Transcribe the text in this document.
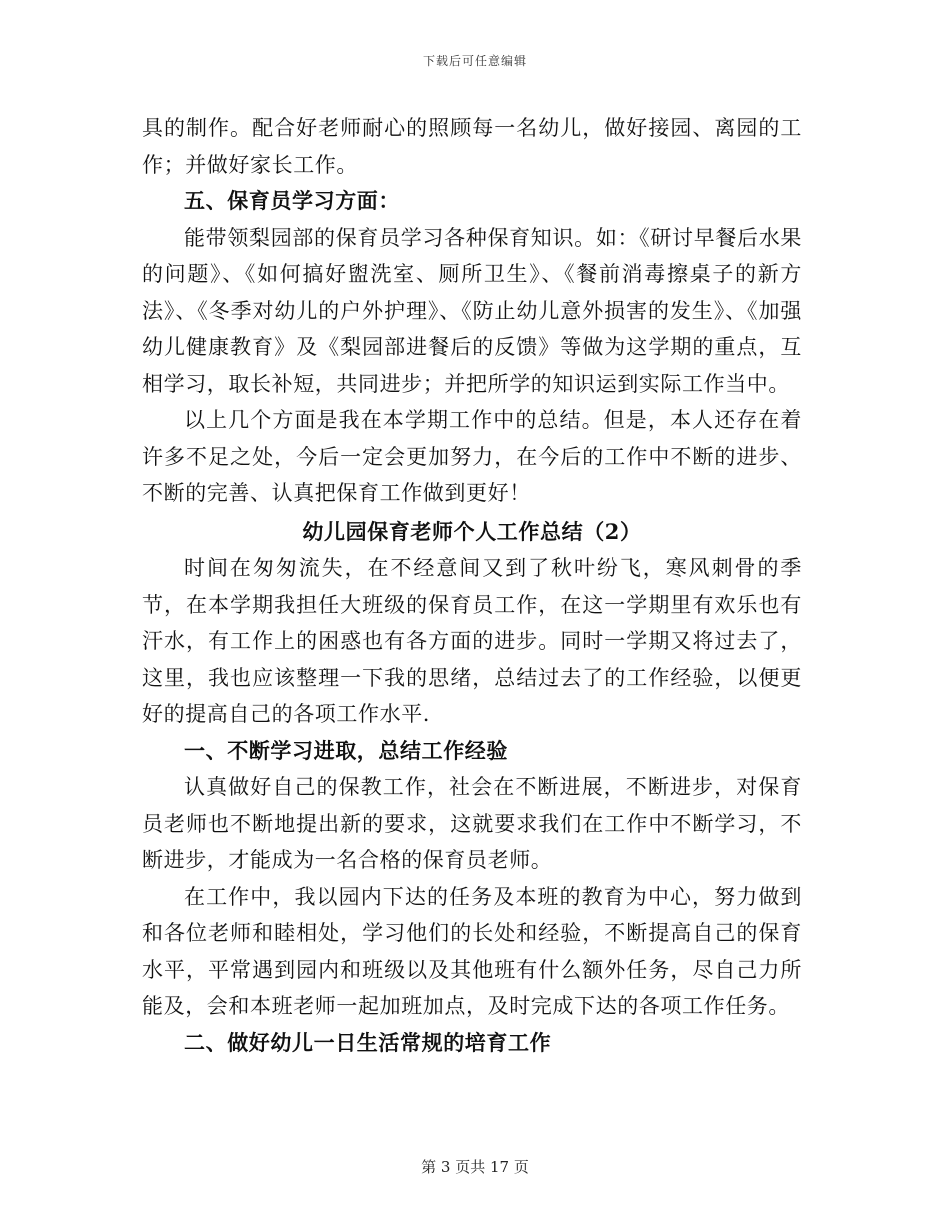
下载后可任意编辑

具的制作。配合好老师耐心的照顾每一名幼儿，做好接园、离园的工作；并做好家长工作。

五、保育员学习方面：

能带领梨园部的保育员学习各种保育知识。如：《研讨早餐后水果的问题》、《如何搞好盥洗室、厕所卫生》、《餐前消毒擦桌子的新方法》、《冬季对幼儿的户外护理》、《防止幼儿意外损害的发生》、《加强幼儿健康教育》及《梨园部进餐后的反馈》等做为这学期的重点，互相学习，取长补短，共同进步；并把所学的知识运到实际工作当中。

以上几个方面是我在本学期工作中的总结。但是，本人还存在着许多不足之处，今后一定会更加努力，在今后的工作中不断的进步、不断的完善、认真把保育工作做到更好！

幼儿园保育老师个人工作总结（2）

时间在匆匆流失，在不经意间又到了秋叶纷飞，寒风刺骨的季节，在本学期我担任大班级的保育员工作，在这一学期里有欢乐也有汗水，有工作上的困惑也有各方面的进步。同时一学期又将过去了，这里，我也应该整理一下我的思绪，总结过去了的工作经验，以便更好的提高自己的各项工作水平.

一、不断学习进取，总结工作经验

认真做好自己的保教工作，社会在不断进展，不断进步，对保育员老师也不断地提出新的要求，这就要求我们在工作中不断学习，不断进步，才能成为一名合格的保育员老师。

在工作中，我以园内下达的任务及本班的教育为中心，努力做到和各位老师和睦相处，学习他们的长处和经验，不断提高自己的保育水平，平常遇到园内和班级以及其他班有什么额外任务，尽自己力所能及，会和本班老师一起加班加点，及时完成下达的各项工作任务。

二、做好幼儿一日生活常规的培育工作

第 3 页共 17 页
